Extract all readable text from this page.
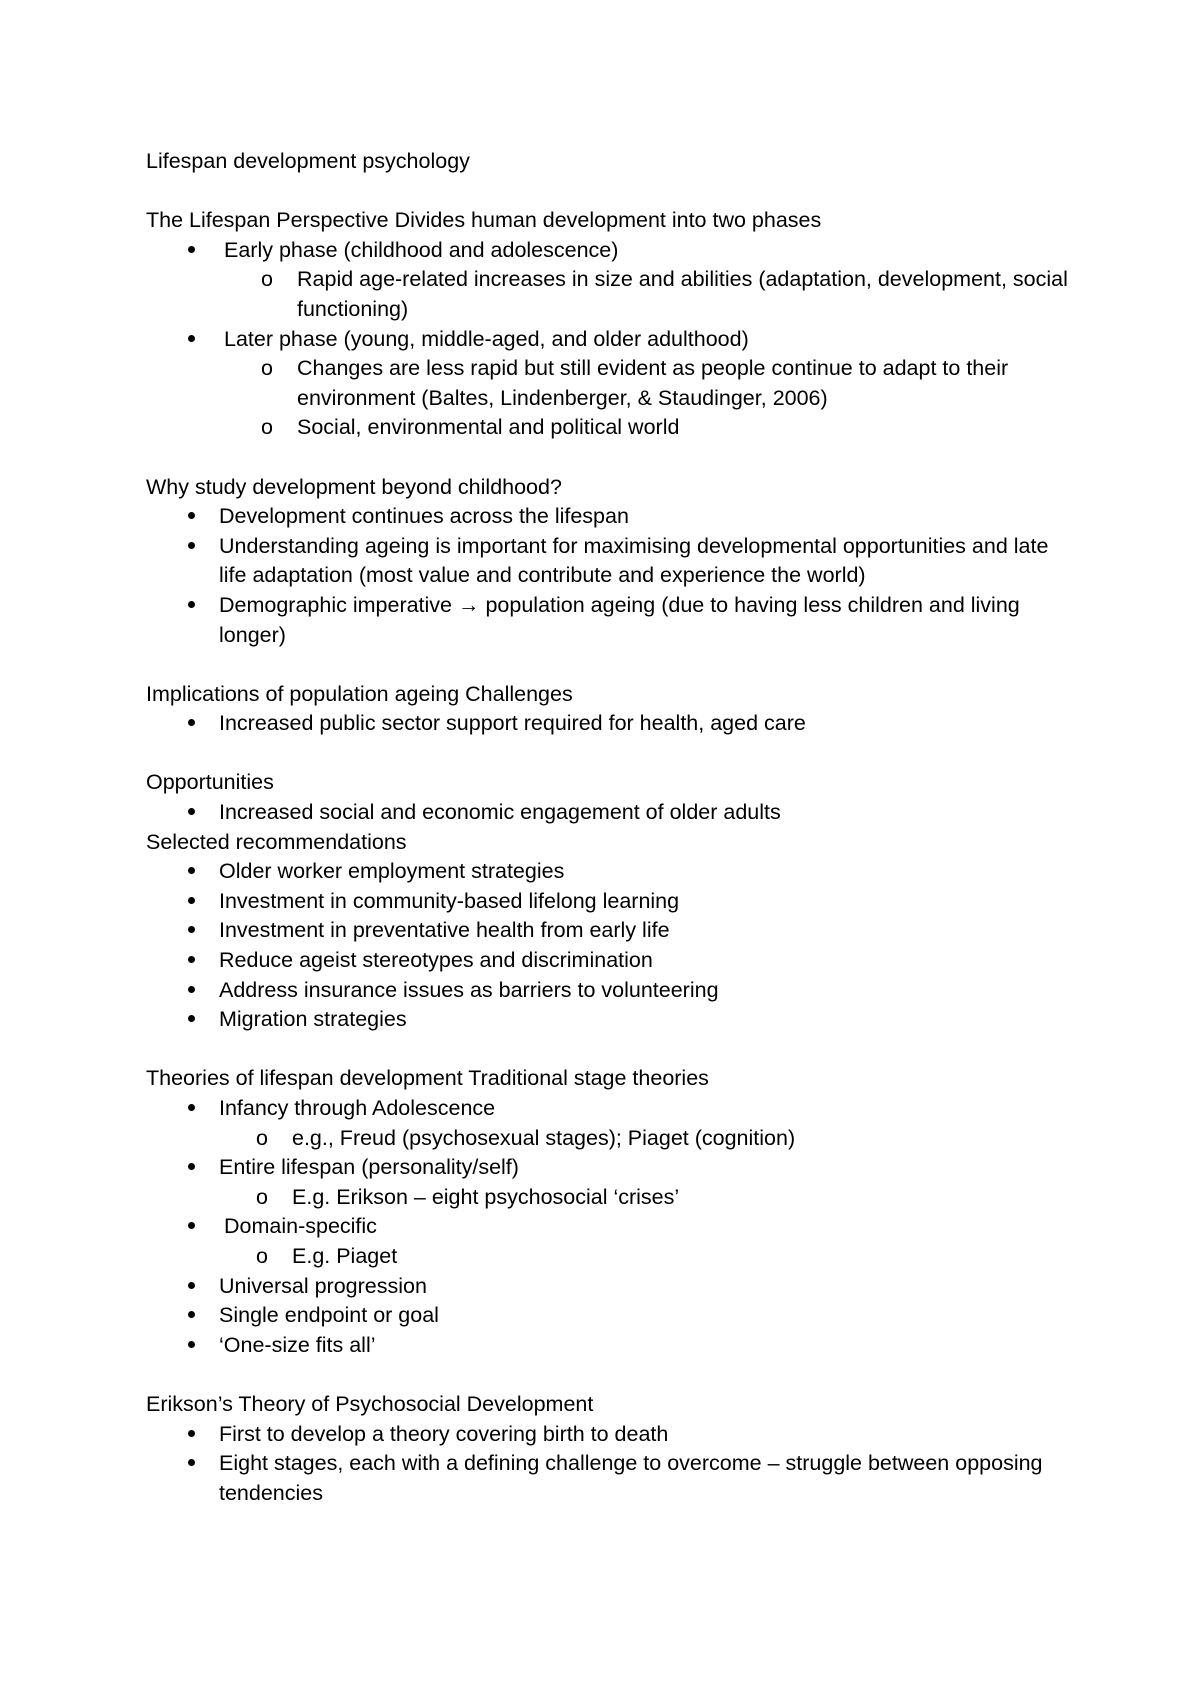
Lifespan development psychology

The Lifespan Perspective Divides human development into two phases

Early phase (childhood and adolescence)
o Rapid age-related increases in size and abilities (adaptation, development, social functioning)
Later phase (young, middle-aged, and older adulthood)
o Changes are less rapid but still evident as people continue to adapt to their environment (Baltes, Lindenberger, & Staudinger, 2006)
o Social, environmental and political world

Why study development beyond childhood?

Development continues across the lifespan
Understanding ageing is important for maximising developmental opportunities and late life adaptation (most value and contribute and experience the world)
Demographic imperative → population ageing (due to having less children and living longer)

Implications of population ageing Challenges

Increased public sector support required for health, aged care

Opportunities

Increased social and economic engagement of older adults

Selected recommendations

Older worker employment strategies
Investment in community-based lifelong learning
Investment in preventative health from early life
Reduce ageist stereotypes and discrimination
Address insurance issues as barriers to volunteering
Migration strategies

Theories of lifespan development Traditional stage theories

Infancy through Adolescence
o e.g., Freud (psychosexual stages); Piaget (cognition)
Entire lifespan (personality/self)
o E.g. Erikson – eight psychosocial ‘crises’
Domain-specific
o E.g. Piaget
Universal progression
Single endpoint or goal
‘One-size fits all’

Erikson’s Theory of Psychosocial Development

First to develop a theory covering birth to death
Eight stages, each with a defining challenge to overcome – struggle between opposing tendencies
